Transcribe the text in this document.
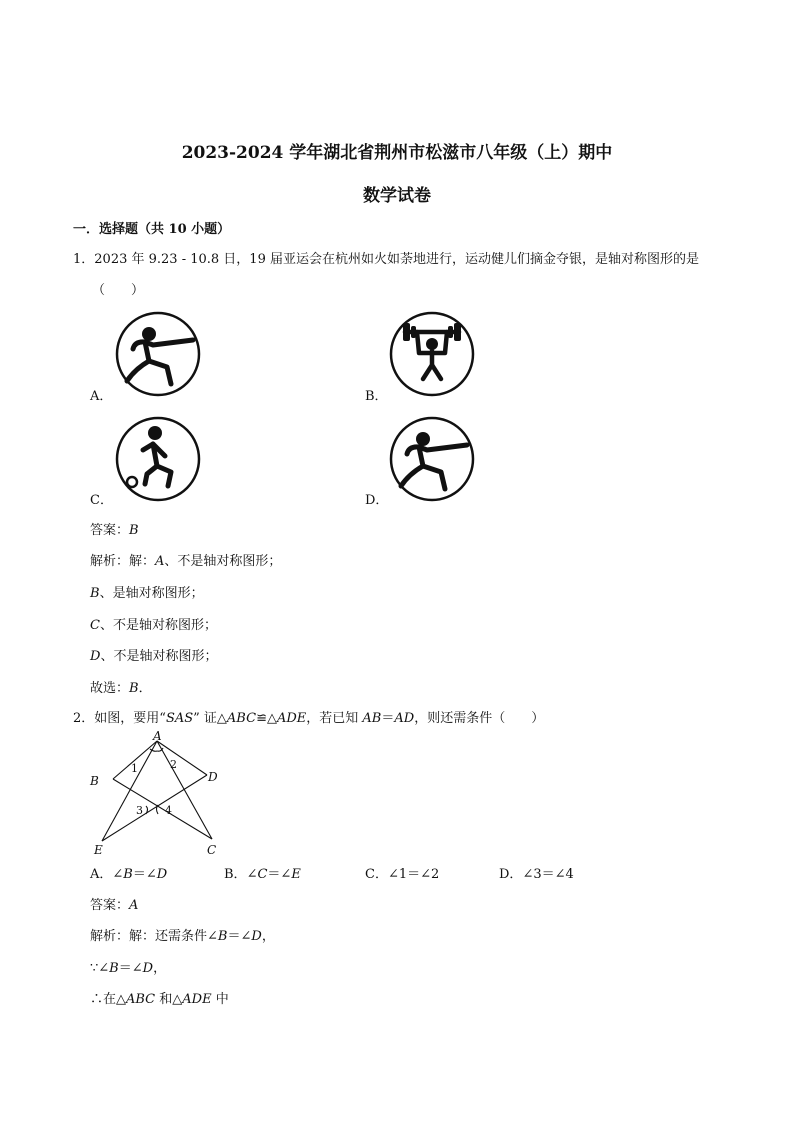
2023-2024 学年湖北省荆州市松滋市八年级（上）期中
数学试卷
一．选择题（共 10 小题）
1．2023 年 9.23 - 10.8 日，19 届亚运会在杭州如火如荼地进行，运动健儿们摘金夺银，是轴对称图形的是
（　　）
A．	B．
C．	D．
答案：B
解析：解：A、不是轴对称图形；
B、是轴对称图形；
C、不是轴对称图形；
D、不是轴对称图形；
故选：B．
2．如图，要用“SAS” 证△ABC≌△ADE，若已知 AB＝AD，则还需条件（　　）
A
B	D
E	C
1	2
3 4
A．∠B＝∠D	B．∠C＝∠E	C．∠1＝∠2	D．∠3＝∠4
答案：A
解析：解：还需条件∠B＝∠D，
∵∠B＝∠D，
∴在△ABC 和△ADE 中
